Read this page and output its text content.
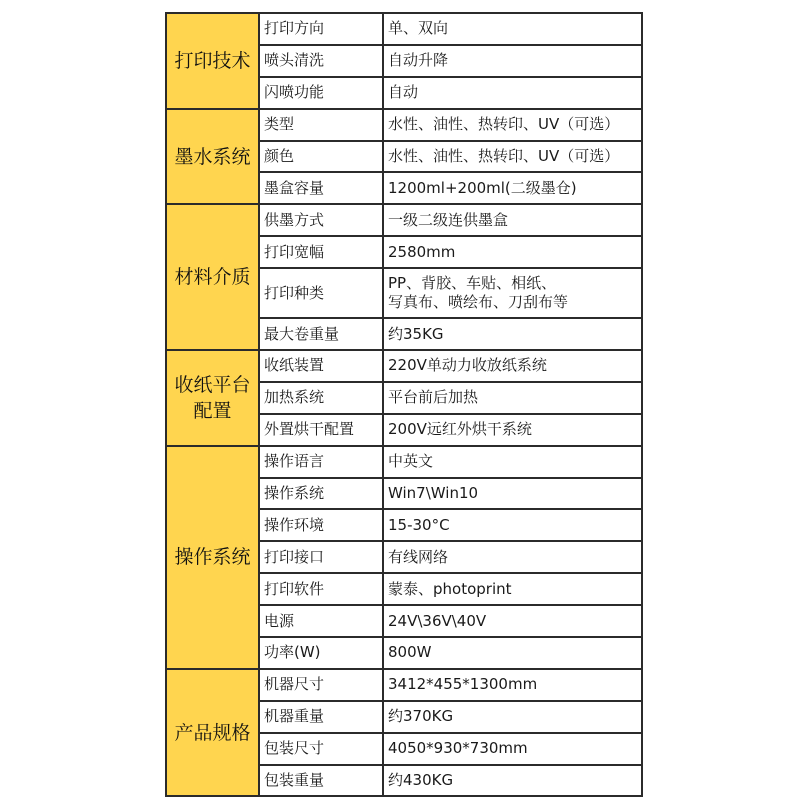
打印技术	打印方向	单、双向

	喷头清洗	自动升降

	闪喷功能	自动

墨水系统	类型	水性、油性、热转印、UV（可选）

	颜色	水性、油性、热转印、UV（可选）

	墨盒容量	1200ml+200ml(二级墨仓)

材料介质	供墨方式	一级二级连供墨盒

	打印宽幅	2580mm

	打印种类	PP、背胶、车贴、相纸、
写真布、喷绘布、刀刮布等

	最大卷重量	约35KG

收纸平台
配置	收纸装置	220V单动力收放纸系统

	加热系统	平台前后加热

	外置烘干配置	200V远红外烘干系统

操作系统	操作语言	中英文

	操作系统	Win7\Win10

	操作环境	15-30°C

	打印接口	有线网络

	打印软件	蒙泰、photoprint

	电源	24V\36V\40V

	功率(W)	800W

产品规格	机器尺寸	3412*455*1300mm

	机器重量	约370KG

	包装尺寸	4050*930*730mm

	包装重量	约430KG
